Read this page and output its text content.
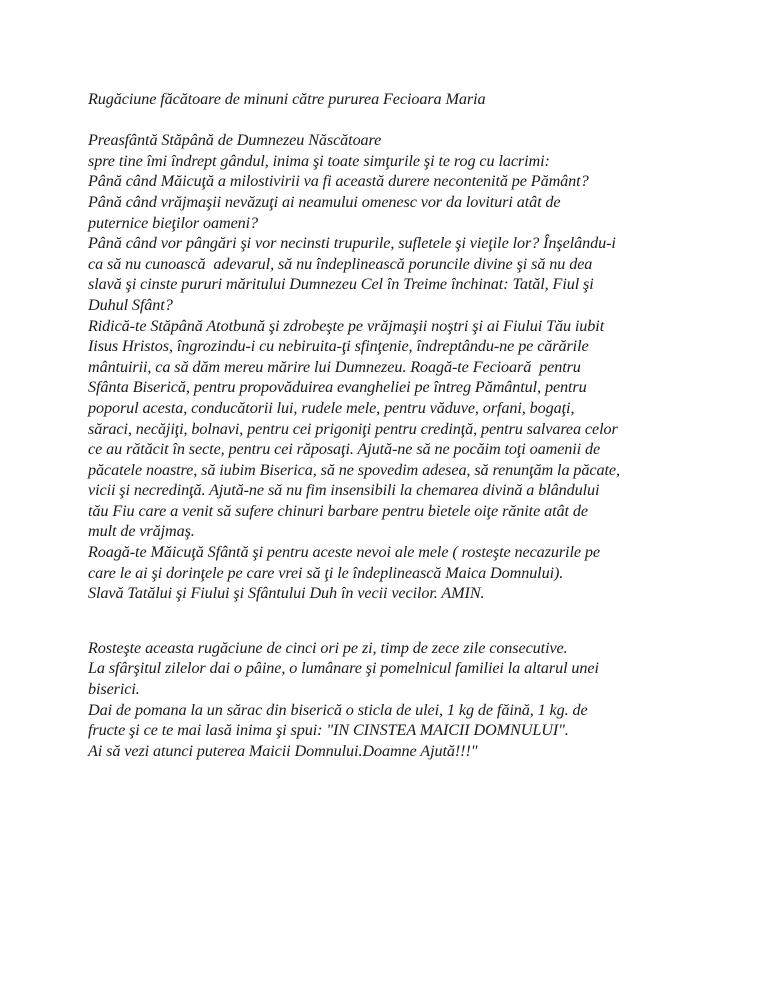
Rugăciune făcătoare de minuni către pururea Fecioara Maria
Preasfântă Stăpână de Dumnezeu Născătoare
spre tine îmi îndrept gândul, inima şi toate simţurile şi te rog cu lacrimi:
Până când Măicuţă a milostivirii va fi această durere necontenită pe Pământ?
Până când vrăjmaşii nevăzuţi ai neamului omenesc vor da lovituri atât de
puternice bieţilor oameni?
Până când vor pângări şi vor necinsti trupurile, sufletele şi vieţile lor? Înşelându-i
ca să nu cunoască  adevarul, să nu îndeplinească poruncile divine şi să nu dea
slavă şi cinste pururi măritului Dumnezeu Cel în Treime închinat: Tatăl, Fiul şi
Duhul Sfânt?
Ridică-te Stăpână Atotbună şi zdrobeşte pe vrăjmaşii noştri şi ai Fiului Tău iubit
Iisus Hristos, îngrozindu-i cu nebiruita-ţi sfinţenie, îndreptându-ne pe cărările
mântuirii, ca să dăm mereu mărire lui Dumnezeu. Roagă-te Fecioară  pentru
Sfânta Biserică, pentru propovăduirea evangheliei pe întreg Pământul, pentru
poporul acesta, conducătorii lui, rudele mele, pentru văduve, orfani, bogaţi,
săraci, necăjiţi, bolnavi, pentru cei prigoniţi pentru credinţă, pentru salvarea celor
ce au rătăcit în secte, pentru cei răposaţi. Ajută-ne să ne pocăim toţi oamenii de
păcatele noastre, să iubim Biserica, să ne spovedim adesea, să renunţăm la păcate,
vicii şi necredinţă. Ajută-ne să nu fim insensibili la chemarea divină a blândului
tău Fiu care a venit să sufere chinuri barbare pentru bietele oiţe rănite atât de
mult de vrăjmaş.
Roagă-te Măicuţă Sfântă şi pentru aceste nevoi ale mele ( rosteşte necazurile pe
care le ai şi dorinţele pe care vrei să ţi le îndeplinească Maica Domnului).
Slavă Tatălui şi Fiului şi Sfântului Duh în vecii vecilor. AMIN.
Rosteşte aceasta rugăciune de cinci ori pe zi, timp de zece zile consecutive.
La sfârşitul zilelor dai o pâine, o lumânare şi pomelnicul familiei la altarul unei
biserici.
Dai de pomana la un sărac din biserică o sticla de ulei, 1 kg de făină, 1 kg. de
fructe şi ce te mai lasă inima şi spui: "IN CINSTEA MAICII DOMNULUI".
Ai să vezi atunci puterea Maicii Domnului.Doamne Ajută!!!"
